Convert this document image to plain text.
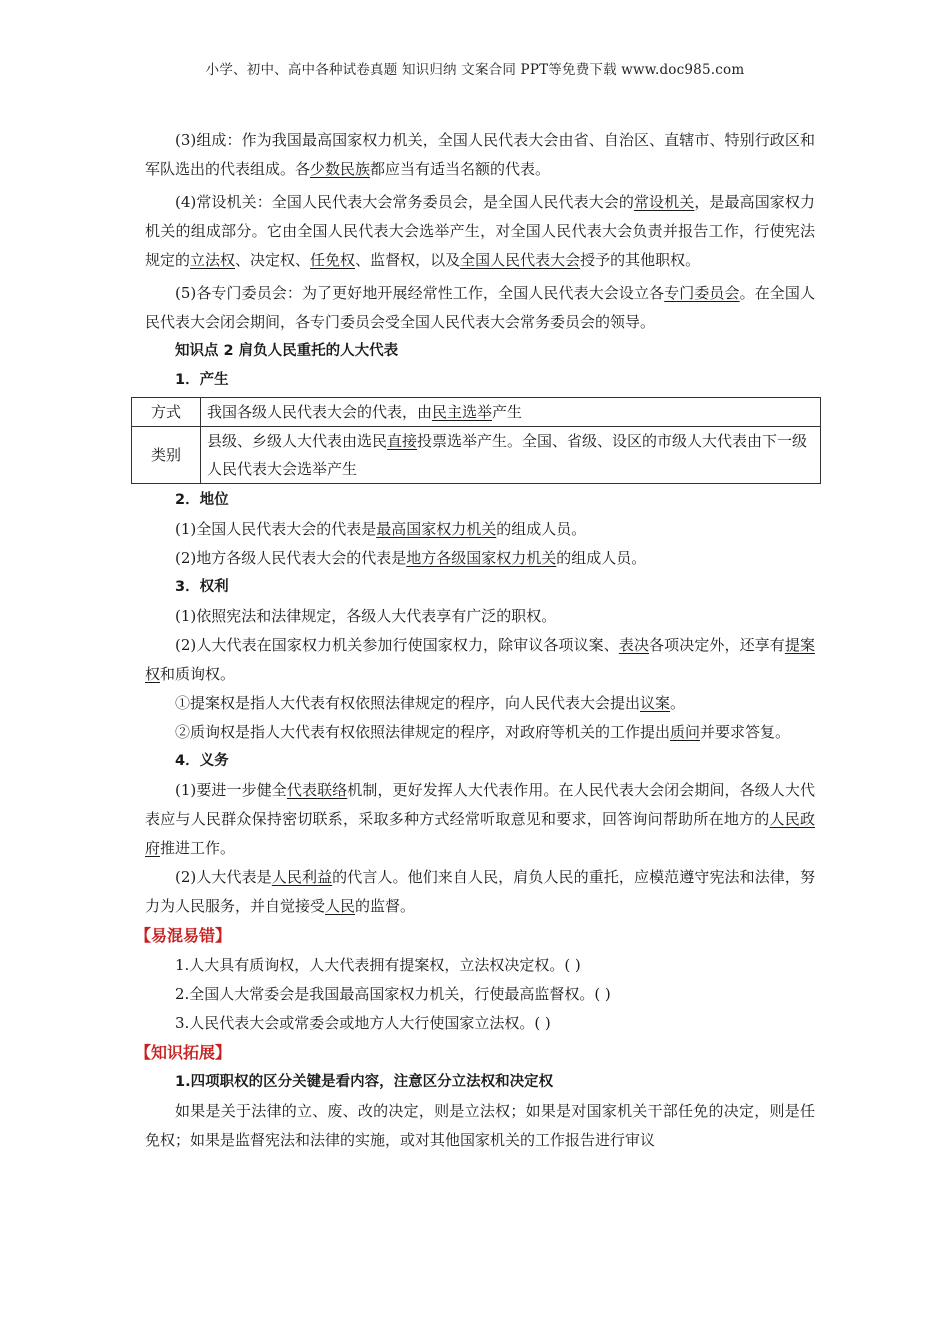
小学、初中、高中各种试卷真题 知识归纳 文案合同 PPT等免费下载 www.doc985.com

(3)组成：作为我国最高国家权力机关，全国人民代表大会由省、自治区、直辖市、特别行政区和军队选出的代表组成。各少数民族都应当有适当名额的代表。

(4)常设机关：全国人民代表大会常务委员会，是全国人民代表大会的常设机关，是最高国家权力机关的组成部分。它由全国人民代表大会选举产生，对全国人民代表大会负责并报告工作，行使宪法规定的立法权、决定权、任免权、监督权，以及全国人民代表大会授予的其他职权。

(5)各专门委员会：为了更好地开展经常性工作，全国人民代表大会设立各专门委员会。在全国人民代表大会闭会期间，各专门委员会受全国人民代表大会常务委员会的领导。

知识点 2 肩负人民重托的人大代表
1．产生
方式	我国各级人民代表大会的代表，由民主选举产生
类别	县级、乡级人大代表由选民直接投票选举产生。全国、省级、设区的市级人大代表由下一级人民代表大会选举产生
2．地位

(1)全国人民代表大会的代表是最高国家权力机关的组成人员。

(2)地方各级人民代表大会的代表是地方各级国家权力机关的组成人员。

3．权利

(1)依照宪法和法律规定，各级人大代表享有广泛的职权。

(2)人大代表在国家权力机关参加行使国家权力，除审议各项议案、表决各项决定外，还享有提案权和质询权。

①提案权是指人大代表有权依照法律规定的程序，向人民代表大会提出议案。

②质询权是指人大代表有权依照法律规定的程序，对政府等机关的工作提出质问并要求答复。

4．义务

(1)要进一步健全代表联络机制，更好发挥人大代表作用。在人民代表大会闭会期间，各级人大代表应与人民群众保持密切联系，采取多种方式经常听取意见和要求，回答询问帮助所在地方的人民政府推进工作。

(2)人大代表是人民利益的代言人。他们来自人民，肩负人民的重托，应模范遵守宪法和法律，努力为人民服务，并自觉接受人民的监督。

【易混易错】

1.人大具有质询权，人大代表拥有提案权，立法权决定权。( )

2.全国人大常委会是我国最高国家权力机关，行使最高监督权。( )

3.人民代表大会或常委会或地方人大行使国家立法权。( )

【知识拓展】
1.四项职权的区分关键是看内容，注意区分立法权和决定权

如果是关于法律的立、废、改的决定，则是立法权；如果是对国家机关干部任免的决定，则是任免权；如果是监督宪法和法律的实施，或对其他国家机关的工作报告进行审议
